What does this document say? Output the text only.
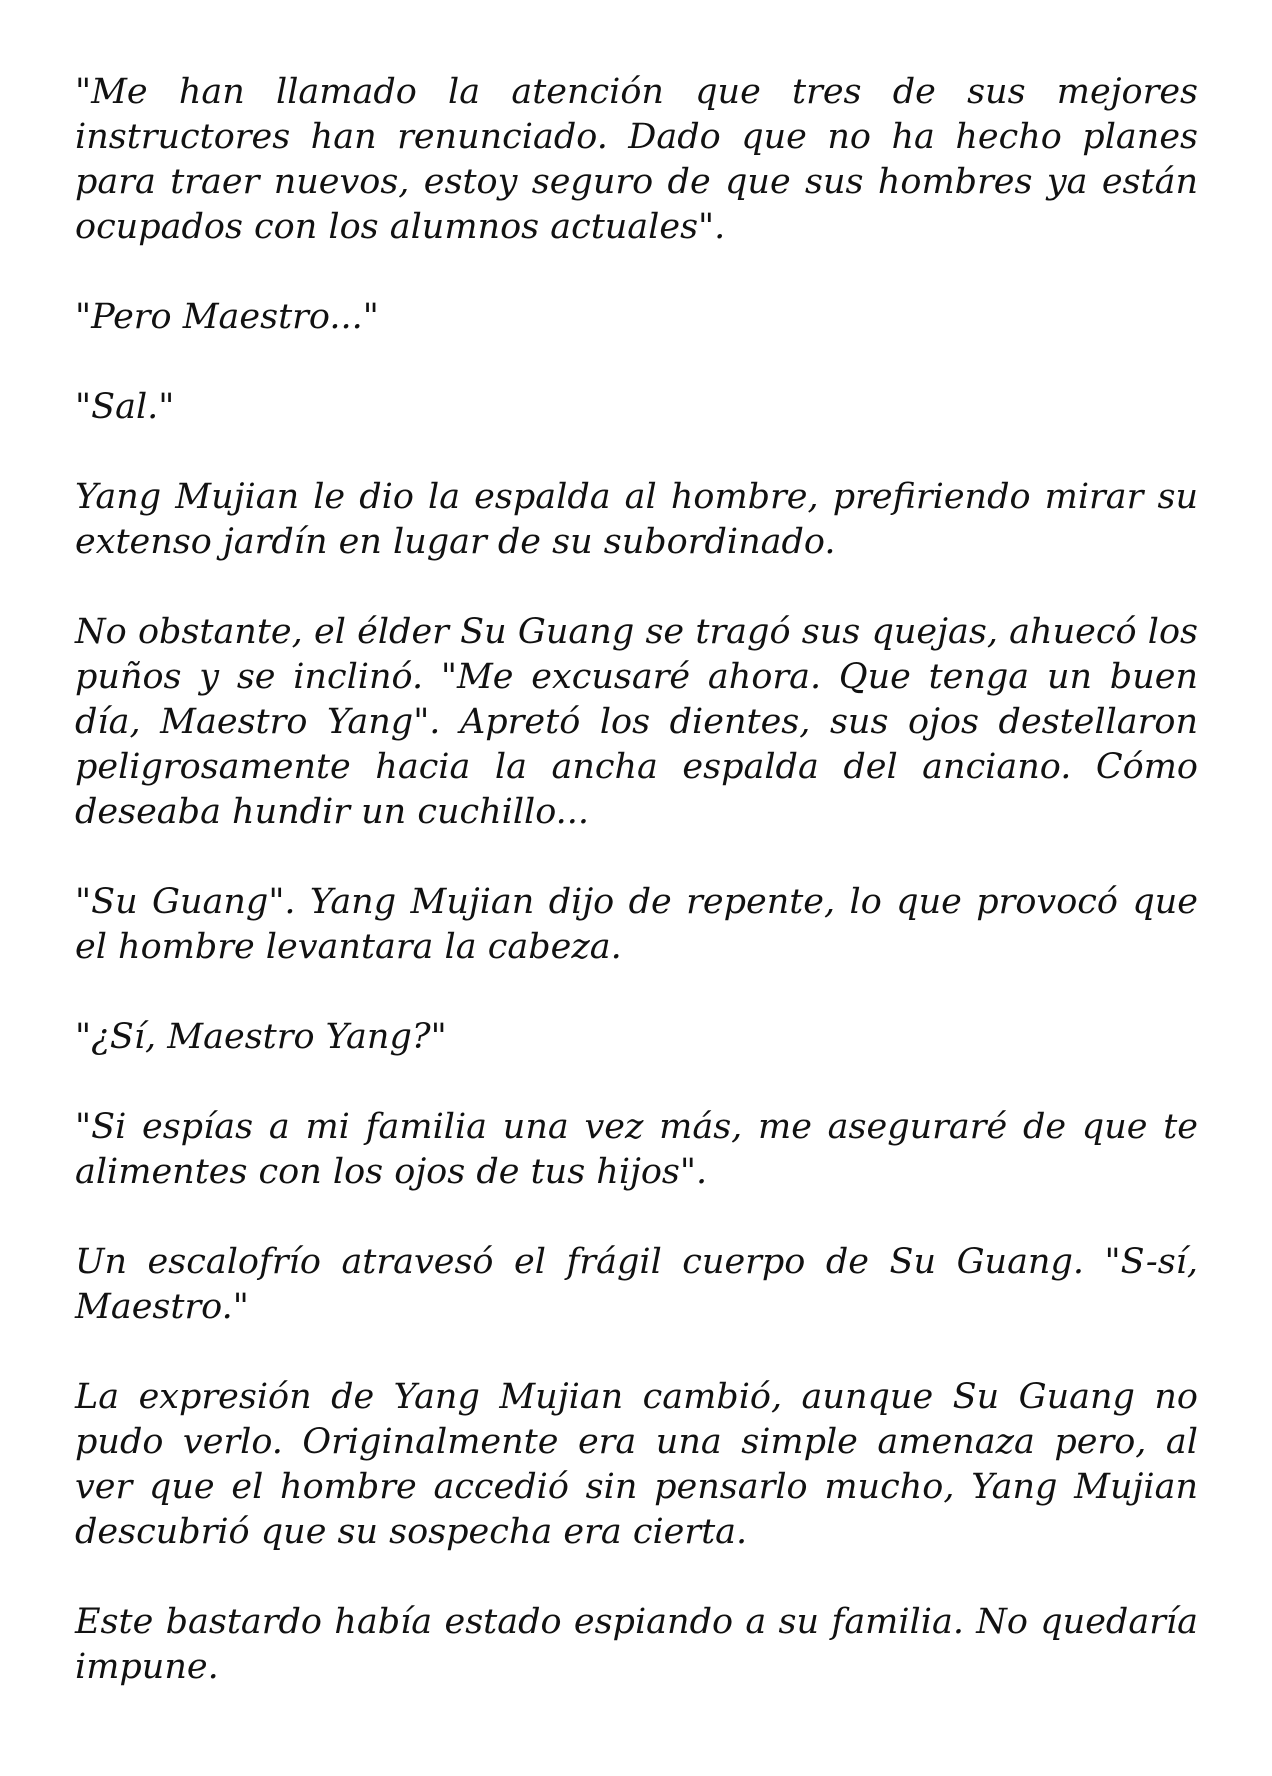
"Me han llamado la atención que tres de sus mejores instructores han renunciado. Dado que no ha hecho planes para traer nuevos, estoy seguro de que sus hombres ya están ocupados con los alumnos actuales".

"Pero Maestro..."

"Sal."

Yang Mujian le dio la espalda al hombre, prefiriendo mirar su extenso jardín en lugar de su subordinado.

No obstante, el élder Su Guang se tragó sus quejas, ahuecó los puños y se inclinó. "Me excusaré ahora. Que tenga un buen día, Maestro Yang". Apretó los dientes, sus ojos destellaron peligrosamente hacia la ancha espalda del anciano. Cómo deseaba hundir un cuchillo...

"Su Guang". Yang Mujian dijo de repente, lo que provocó que el hombre levantara la cabeza.

"¿Sí, Maestro Yang?"

"Si espías a mi familia una vez más, me aseguraré de que te alimentes con los ojos de tus hijos".

Un escalofrío atravesó el frágil cuerpo de Su Guang. "S-sí, Maestro."

La expresión de Yang Mujian cambió, aunque Su Guang no pudo verlo. Originalmente era una simple amenaza pero, al ver que el hombre accedió sin pensarlo mucho, Yang Mujian descubrió que su sospecha era cierta.

Este bastardo había estado espiando a su familia. No quedaría impune.
